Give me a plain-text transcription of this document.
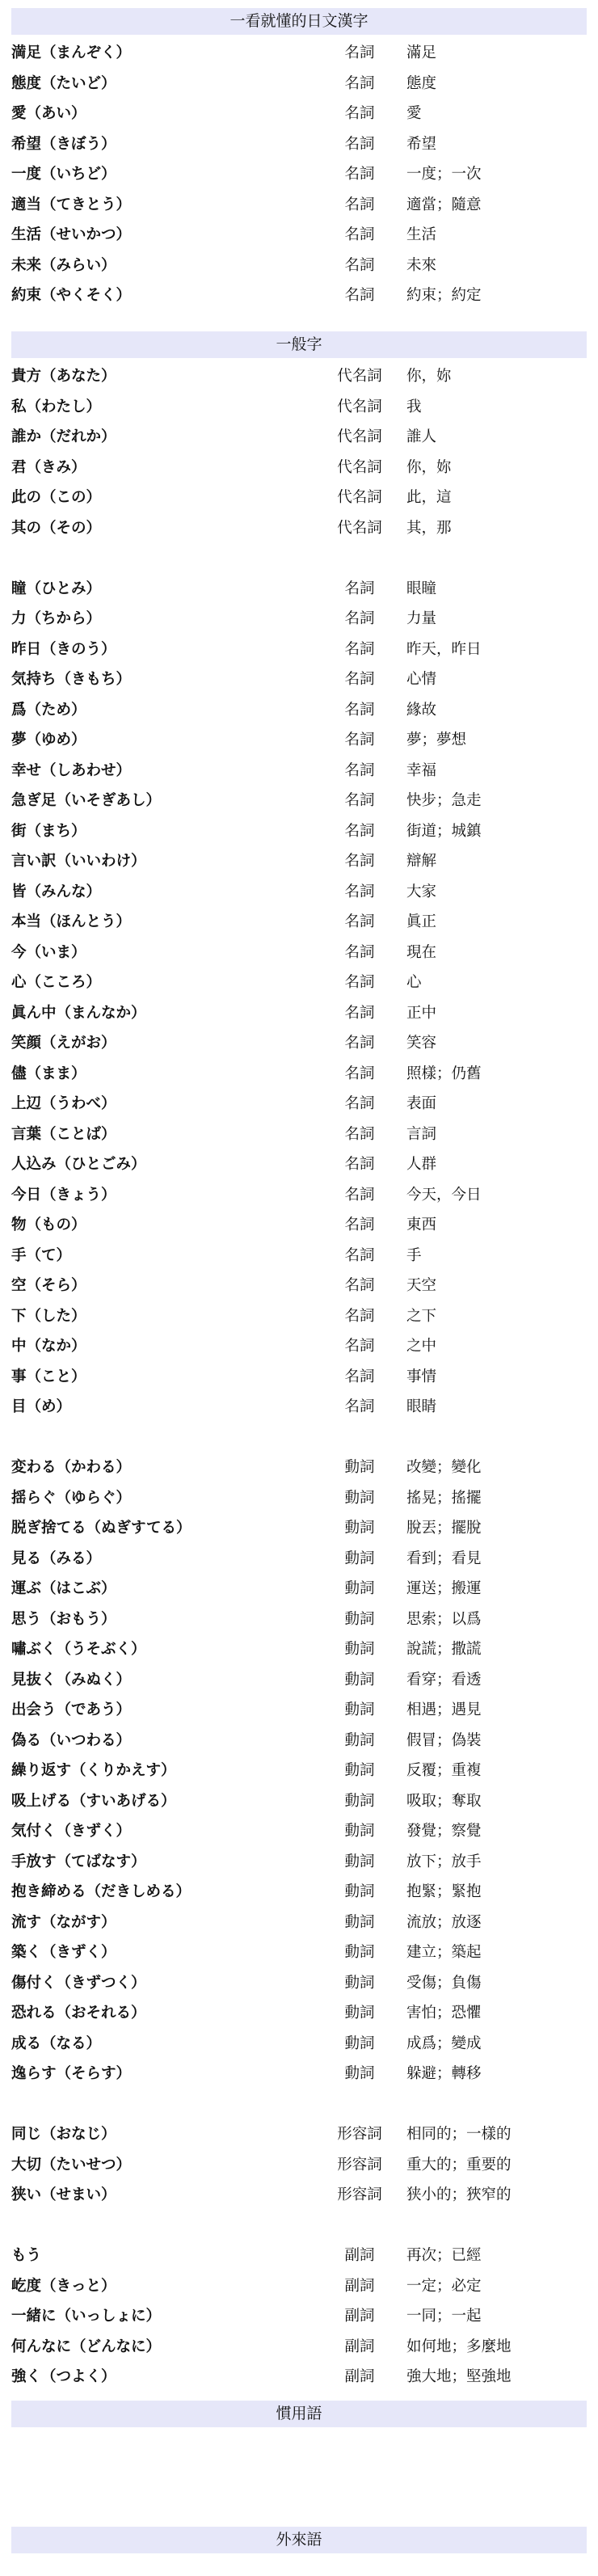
一看就懂的日文漢字
満足（まんぞく）	名詞	滿足
態度（たいど）	名詞	態度
愛（あい）	名詞	愛
希望（きぼう）	名詞	希望
一度（いちど）	名詞	一度；一次
適当（てきとう）	名詞	適當；隨意
生活（せいかつ）	名詞	生活
未来（みらい）	名詞	未來
約束（やくそく）	名詞	約束；約定
一般字
貴方（あなた）	代名詞	你，妳
私（わたし）	代名詞	我
誰か（だれか）	代名詞	誰人
君（きみ）	代名詞	你，妳
此の（この）	代名詞	此，這
其の（その）	代名詞	其，那
瞳（ひとみ）	名詞	眼瞳
力（ちから）	名詞	力量
昨日（きのう）	名詞	昨天，昨日
気持ち（きもち）	名詞	心情
爲（ため）	名詞	緣故
夢（ゆめ）	名詞	夢；夢想
幸せ（しあわせ）	名詞	幸福
急ぎ足（いそぎあし）	名詞	快步；急走
街（まち）	名詞	街道；城鎮
言い訳（いいわけ）	名詞	辯解
皆（みんな）	名詞	大家
本当（ほんとう）	名詞	眞正
今（いま）	名詞	現在
心（こころ）	名詞	心
眞ん中（まんなか）	名詞	正中
笑顔（えがお）	名詞	笑容
儘（まま）	名詞	照樣；仍舊
上辺（うわべ）	名詞	表面
言葉（ことば）	名詞	言詞
人込み（ひとごみ）	名詞	人群
今日（きょう）	名詞	今天，今日
物（もの）	名詞	東西
手（て）	名詞	手
空（そら）	名詞	天空
下（した）	名詞	之下
中（なか）	名詞	之中
事（こと）	名詞	事情
目（め）	名詞	眼睛
変わる（かわる）	動詞	改變；變化
揺らぐ（ゆらぐ）	動詞	搖晃；搖擺
脱ぎ捨てる（ぬぎすてる）	動詞	脫丟；擺脫
見る（みる）	動詞	看到；看見
運ぶ（はこぶ）	動詞	運送；搬運
思う（おもう）	動詞	思索；以爲
嘯ぶく（うそぶく）	動詞	說謊；撒謊
見抜く（みぬく）	動詞	看穿；看透
出会う（であう）	動詞	相遇；遇見
偽る（いつわる）	動詞	假冒；偽裝
繰り返す（くりかえす）	動詞	反覆；重複
吸上げる（すいあげる）	動詞	吸取；奪取
気付く（きずく）	動詞	發覺；察覺
手放す（てばなす）	動詞	放下；放手
抱き締める（だきしめる）	動詞	抱緊；緊抱
流す（ながす）	動詞	流放；放逐
築く（きずく）	動詞	建立；築起
傷付く（きずつく）	動詞	受傷；負傷
恐れる（おそれる）	動詞	害怕；恐懼
成る（なる）	動詞	成爲；變成
逸らす（そらす）	動詞	躲避；轉移
同じ（おなじ）	形容詞	相同的；一樣的
大切（たいせつ）	形容詞	重大的；重要的
狭い（せまい）	形容詞	狭小的；狹窄的
もう	副詞	再次；已經
屹度（きっと）	副詞	一定；必定
一緒に（いっしょに）	副詞	一同；一起
何んなに（どんなに）	副詞	如何地；多麼地
強く（つよく）	副詞	強大地；堅強地
慣用語
外來語
